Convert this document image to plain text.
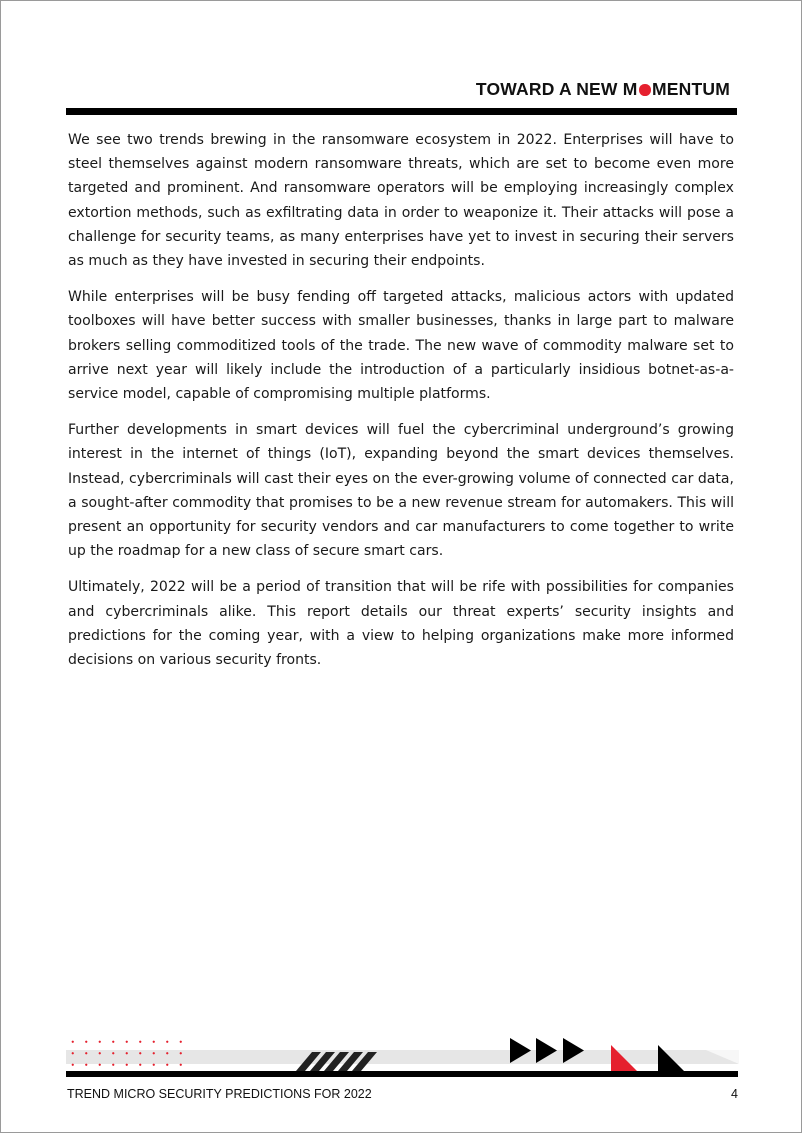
TOWARD A NEW M MENTUM

We see two trends brewing in the ransomware ecosystem in 2022. Enterprises will have to steel themselves against modern ransomware threats, which are set to become even more targeted and prominent. And ransomware operators will be employing increasingly complex extortion methods, such as exfiltrating data in order to weaponize it. Their attacks will pose a challenge for security teams, as many enterprises have yet to invest in securing their servers as much as they have invested in securing their endpoints.

While enterprises will be busy fending off targeted attacks, malicious actors with updated toolboxes will have better success with smaller businesses, thanks in large part to malware brokers selling commoditized tools of the trade. The new wave of commodity malware set to arrive next year will likely include the introduction of a particularly insidious botnet-as-a-service model, capable of compromising multiple platforms.

Further developments in smart devices will fuel the cybercriminal underground’s growing interest in the internet of things (IoT), expanding beyond the smart devices themselves. Instead, cybercriminals will cast their eyes on the ever-growing volume of connected car data, a sought-after commodity that promises to be a new revenue stream for automakers. This will present an opportunity for security vendors and car manufacturers to come together to write up the roadmap for a new class of secure smart cars.

Ultimately, 2022 will be a period of transition that will be rife with possibilities for companies and cybercriminals alike. This report details our threat experts’ security insights and predictions for the coming year, with a view to helping organizations make more informed decisions on various security fronts.

TREND MICRO SECURITY PREDICTIONS FOR 2022	4
